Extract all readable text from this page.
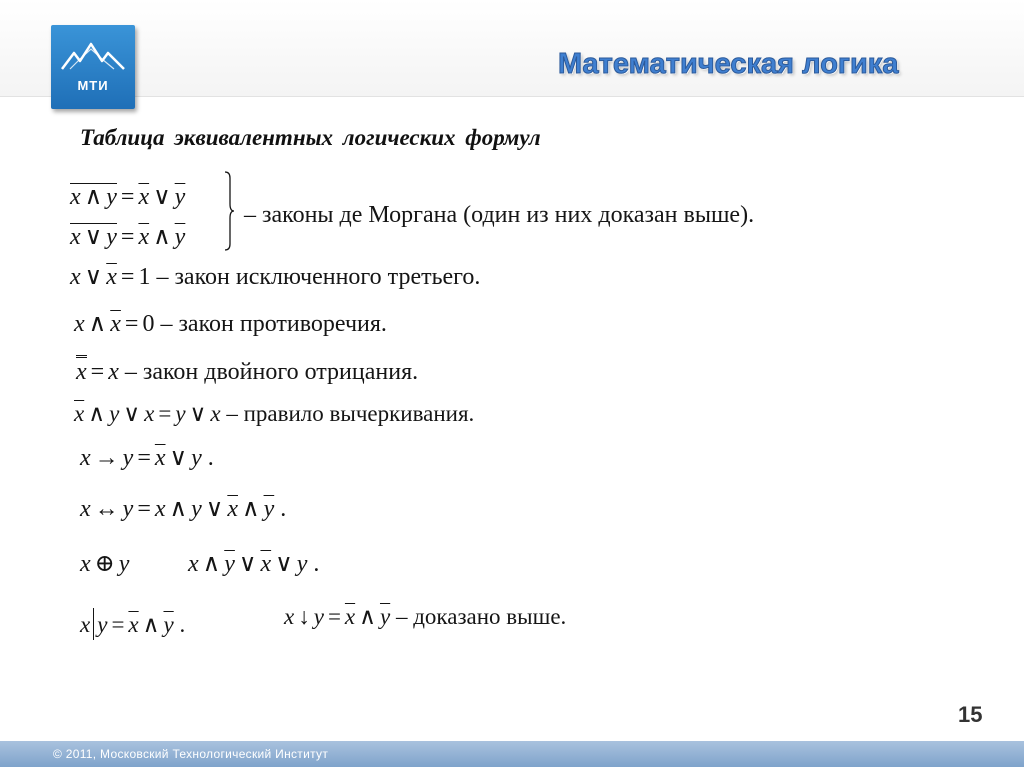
МТИ
Математическая логика
Таблица эквивалентных логических формул
x ∧ $y = \overline{x}$ ∨ $\overline{y}$
x ∨ $y = \overline{x}$ ∧ $\overline{y}$
– законы де Моргана (один из них доказан выше).
x ∨ $\overline{x} = 1$ – закон исключенного третьего.
x ∧ $\overline{x} = 0$ – закон противоречия.
x = x – закон двойного отрицания.
$\overline{x}$ ∧ y ∨ x = y ∨ x – правило вычеркивания.
$x \to y = \overline{x}$ ∨ y .
x ↔ y = x ∧ y ∨ $\overline{x}$ ∧ $\overline{y}$ .
x ⊕ y x ∧ $\overline{y}$ ∨ $\overline{x}$ ∨ y .
x $y = \overline{x}$ ∧ $\overline{y}$ .	x ↓ $y = \overline{x}$ ∧ $\overline{y}$ – доказано выше.
15
© 2011, Московский Технологический Институт
